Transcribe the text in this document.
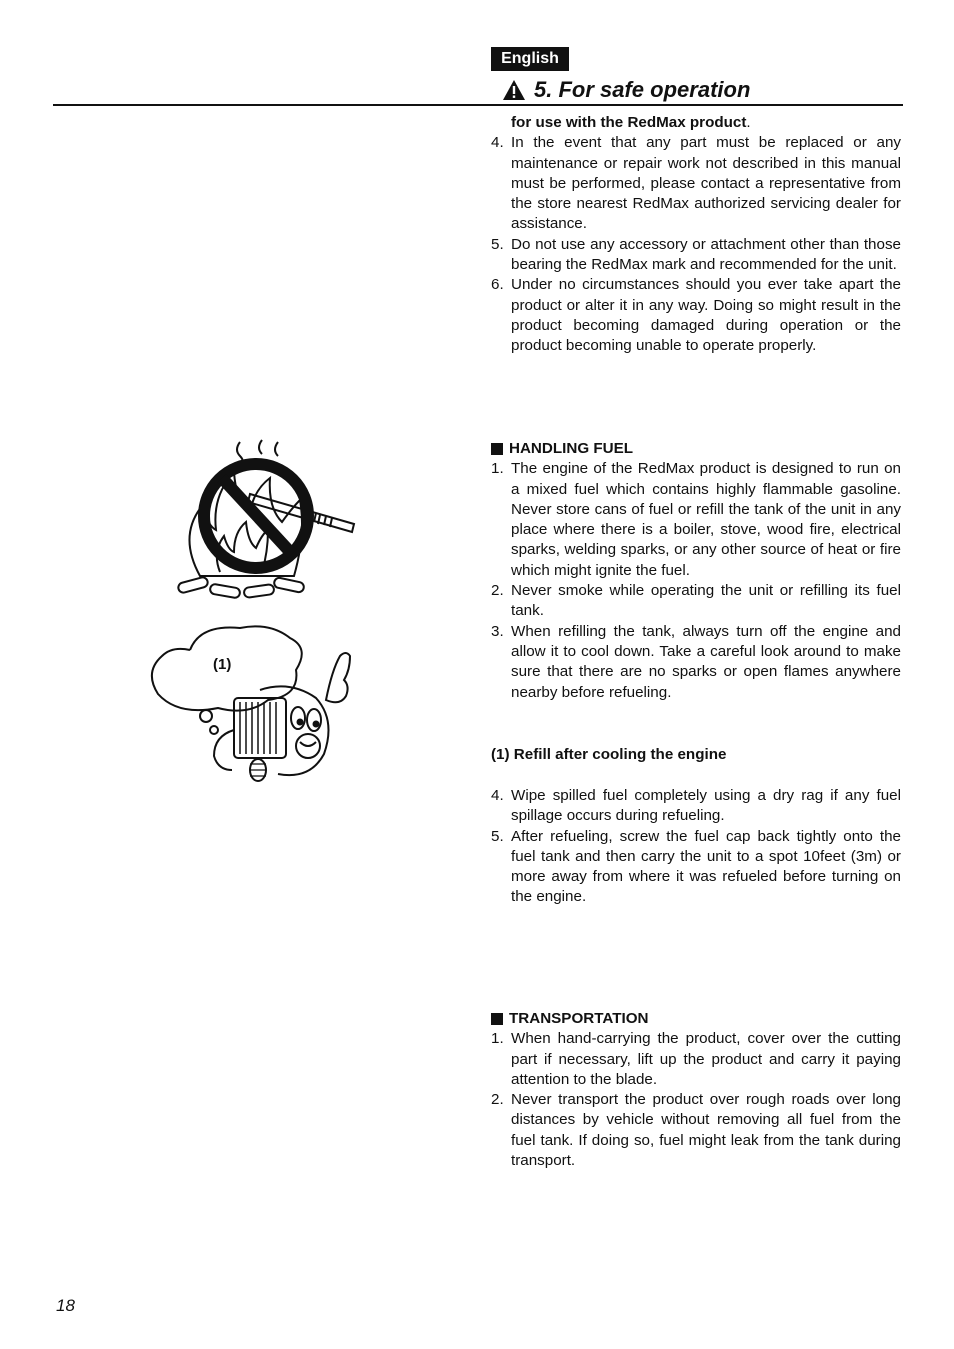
English
5. For safe operation

for use with the RedMax product.

4. In the event that any part must be replaced or any maintenance or repair work not described in this manual must be performed, please contact a representative from the store nearest RedMax authorized servicing dealer for assistance.

5. Do not use any accessory or attachment other than those bearing the RedMax mark and recommended for the unit.

6. Under no circumstances should you ever take apart the product or alter it in any way. Doing so might result in the product becoming damaged during operation or the product becoming unable to operate properly.

HANDLING FUEL

1. The engine of the RedMax product is designed to run on a mixed fuel which contains highly flammable gasoline. Never store cans of fuel or refill the tank of the unit in any place where there is a boiler, stove, wood fire, electrical sparks, welding sparks, or any other source of heat or fire which might ignite the fuel.

2. Never smoke while operating the unit or refilling its fuel tank.

3. When refilling the tank, always turn off the engine and allow it to cool down. Take a careful look around to make sure that there are no sparks or open flames anywhere nearby before refueling.

(1) Refill after cooling the engine

4. Wipe spilled fuel completely using a dry rag if any fuel spillage occurs during refueling.

5. After refueling, screw the fuel cap back tightly onto the fuel tank and then carry the unit to a spot 10feet (3m) or more away from where it was refueled before turning on the engine.

TRANSPORTATION

1. When hand-carrying the product, cover over the cutting part if necessary, lift up the product and carry it paying attention to the blade.

2. Never transport the product over rough roads over long distances by vehicle without removing all fuel from the fuel tank. If doing so, fuel might leak from the tank during transport.

(1)
18
